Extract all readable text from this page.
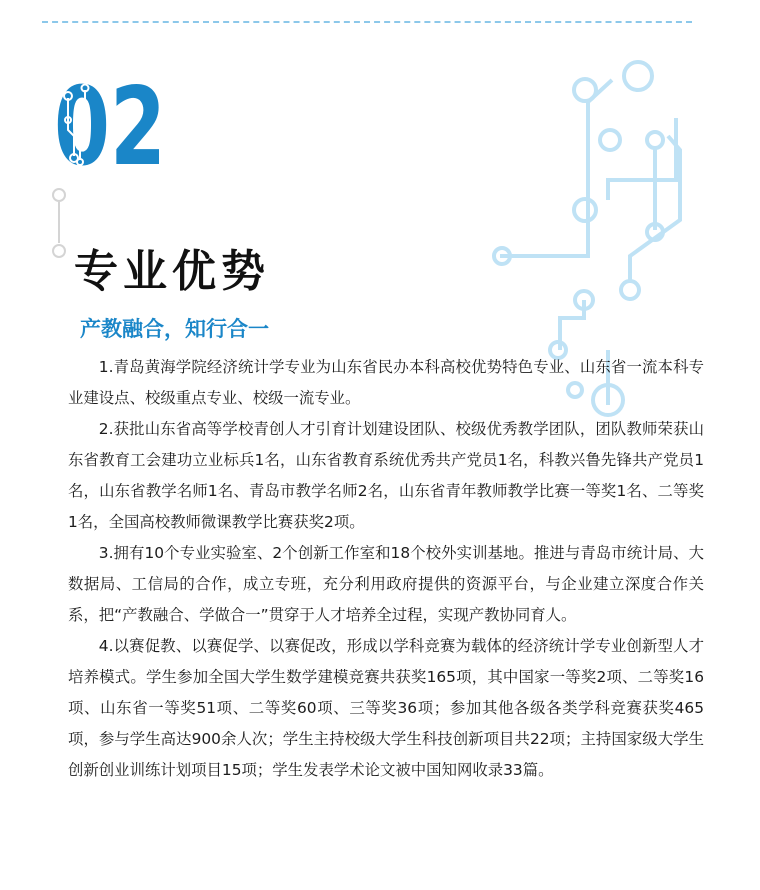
02
专业优势
产教融合，知行合一

1.青岛黄海学院经济统计学专业为山东省民办本科高校优势特色专业、山东省一流本科专业建设点、校级重点专业、校级一流专业。

2.获批山东省高等学校青创人才引育计划建设团队、校级优秀教学团队，团队教师荣获山东省教育工会建功立业标兵1名，山东省教育系统优秀共产党员1名，科教兴鲁先锋共产党员1名，山东省教学名师1名、青岛市教学名师2名，山东省青年教师教学比赛一等奖1名、二等奖1名，全国高校教师微课教学比赛获奖2项。

3.拥有10个专业实验室、2个创新工作室和18个校外实训基地。推进与青岛市统计局、大数据局、工信局的合作，成立专班，充分利用政府提供的资源平台，与企业建立深度合作关系，把“产教融合、学做合一”贯穿于人才培养全过程，实现产教协同育人。

4.以赛促教、以赛促学、以赛促改，形成以学科竞赛为载体的经济统计学专业创新型人才培养模式。学生参加全国大学生数学建模竞赛共获奖165项，其中国家一等奖2项、二等奖16项、山东省一等奖51项、二等奖60项、三等奖36项；参加其他各级各类学科竞赛获奖465项，参与学生高达900余人次；学生主持校级大学生科技创新项目共22项；主持国家级大学生创新创业训练计划项目15项；学生发表学术论文被中国知网收录33篇。
